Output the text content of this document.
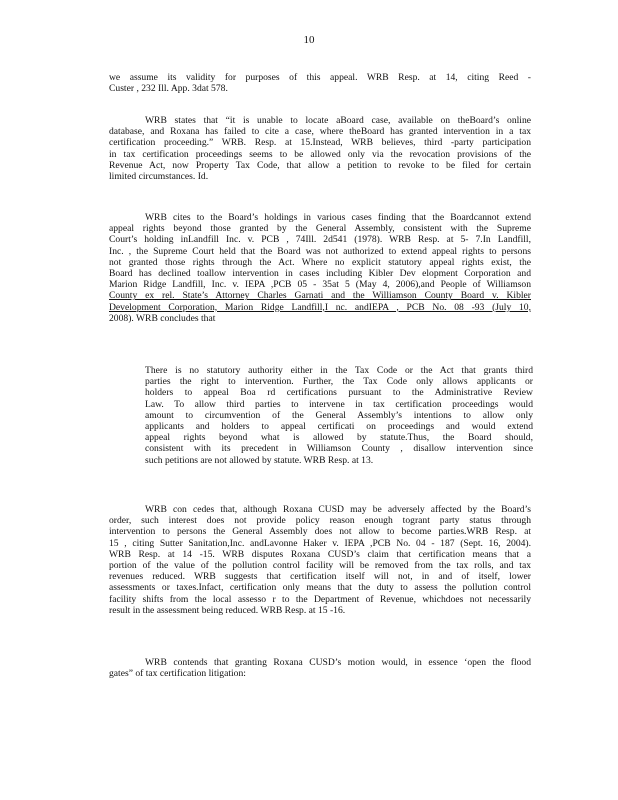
10
we assume its validity for purposes of this appeal. WRB Resp. at 14, citing Reed -
Custer , 232 Ill. App. 3dat 578.
WRB states that “it is unable to locate aBoard case, available on theBoard’s online
database, and Roxana has failed to cite a case, where theBoard has granted intervention in a tax
certification proceeding.” WRB. Resp. at 15.Instead, WRB believes, third -party participation
in tax certification proceedings seems to be allowed only via the revocation provisions of the
Revenue Act, now Property Tax Code, that allow a petition to revoke to be filed for certain
limited circumstances. Id.
WRB cites to the Board’s holdings in various cases finding that the Boardcannot extend
appeal rights beyond those granted by the General Assembly, consistent with the Supreme
Court’s holding inLandfill Inc. v. PCB , 74Ill. 2d541 (1978). WRB Resp. at 5- 7.In Landfill,
Inc. , the Supreme Court held that the Board was not authorized to extend appeal rights to persons
not granted those rights through the Act. Where no explicit statutory appeal rights exist, the
Board has declined toallow intervention in cases including Kibler Dev elopment Corporation and
Marion Ridge Landfill, Inc. v. IEPA ,PCB 05 - 35at 5 (May 4, 2006),and People of Williamson
County ex rel. State’s Attorney Charles Garnati and the Williamson County Board v. Kibler
Development Corporation, Marion Ridge Landfill,I nc. andIEPA , PCB No. 08 -93 (July 10,
2008). WRB concludes that
There is no statutory authority either in the Tax Code or the Act that grants third
parties the right to intervention. Further, the Tax Code only allows applicants or
holders to appeal Boa rd certifications pursuant to the Administrative Review
Law. To allow third parties to intervene in tax certification proceedings would
amount to circumvention of the General Assembly’s intentions to allow only
applicants and holders to appeal certificati on proceedings and would extend
appeal rights beyond what is allowed by statute.Thus, the Board should,
consistent with its precedent in Williamson County , disallow intervention since
such petitions are not allowed by statute. WRB Resp. at 13.
WRB con cedes that, although Roxana CUSD may be adversely affected by the Board’s
order, such interest does not provide policy reason enough togrant party status through
intervention to persons the General Assembly does not allow to become parties.WRB Resp. at
15 , citing Sutter Sanitation,Inc. andLavonne Haker v. IEPA ,PCB No. 04 - 187 (Sept. 16, 2004).
WRB Resp. at 14 -15. WRB disputes Roxana CUSD’s claim that certification means that a
portion of the value of the pollution control facility will be removed from the tax rolls, and tax
revenues reduced. WRB suggests that certification itself will not, in and of itself, lower
assessments or taxes.Infact, certification only means that the duty to assess the pollution control
facility shifts from the local assesso r to the Department of Revenue, whichdoes not necessarily
result in the assessment being reduced. WRB Resp. at 15 -16.
WRB contends that granting Roxana CUSD’s motion would, in essence ‘open the flood
gates” of tax certification litigation:
